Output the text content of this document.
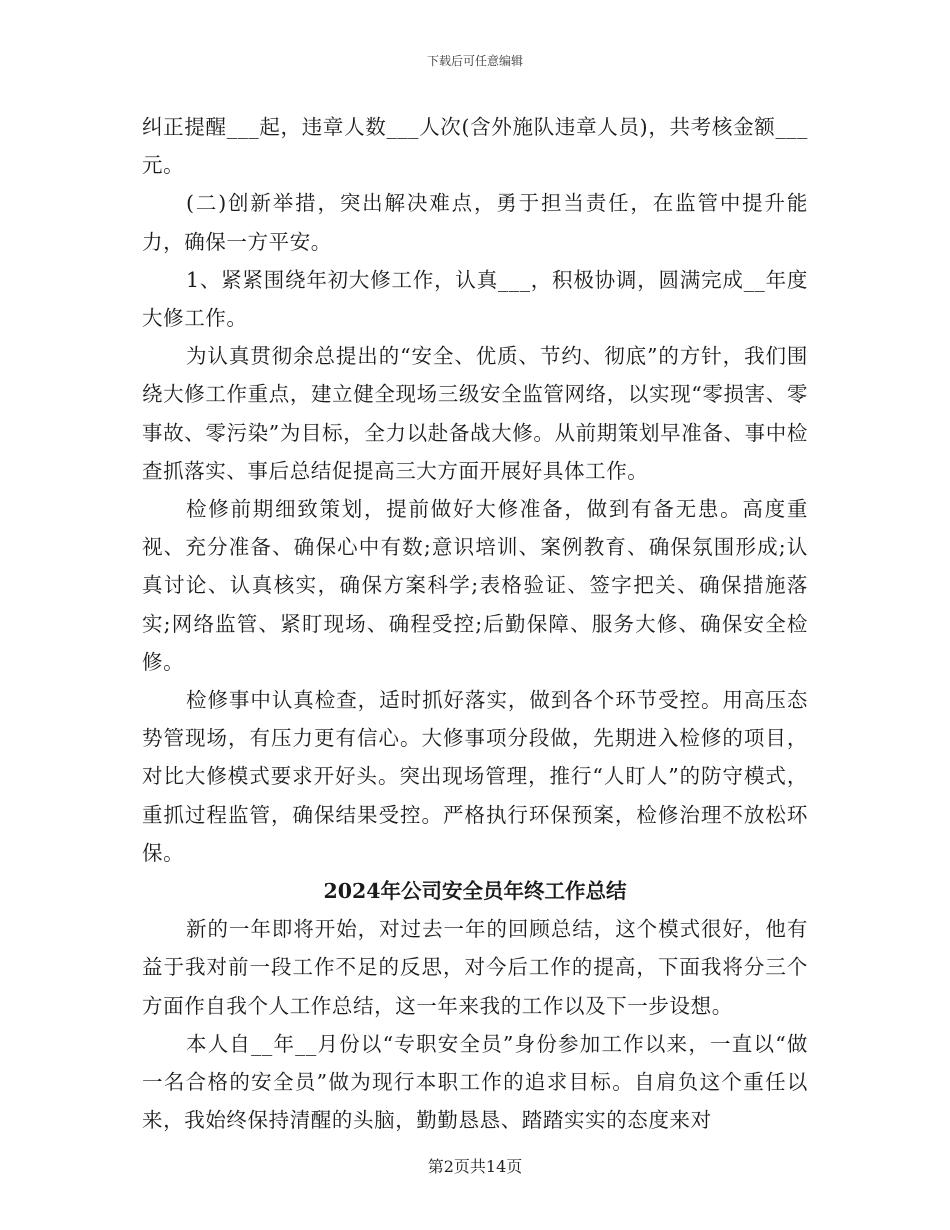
下载后可任意编辑

纠正提醒___起，违章人数___人次(含外施队违章人员)，共考核金额___元。

(二)创新举措，突出解决难点，勇于担当责任，在监管中提升能力，确保一方平安。

1、紧紧围绕年初大修工作，认真___，积极协调，圆满完成__年度大修工作。

为认真贯彻余总提出的“安全、优质、节约、彻底”的方针，我们围绕大修工作重点，建立健全现场三级安全监管网络，以实现“零损害、零事故、零污染”为目标，全力以赴备战大修。从前期策划早准备、事中检查抓落实、事后总结促提高三大方面开展好具体工作。

检修前期细致策划，提前做好大修准备，做到有备无患。高度重视、充分准备、确保心中有数;意识培训、案例教育、确保氛围形成;认真讨论、认真核实，确保方案科学;表格验证、签字把关、确保措施落实;网络监管、紧盯现场、确程受控;后勤保障、服务大修、确保安全检修。

检修事中认真检查，适时抓好落实，做到各个环节受控。用高压态势管现场，有压力更有信心。大修事项分段做，先期进入检修的项目，对比大修模式要求开好头。突出现场管理，推行“人盯人”的防守模式，重抓过程监管，确保结果受控。严格执行环保预案，检修治理不放松环保。

2024年公司安全员年终工作总结

新的一年即将开始，对过去一年的回顾总结，这个模式很好，他有益于我对前一段工作不足的反思，对今后工作的提高，下面我将分三个方面作自我个人工作总结，这一年来我的工作以及下一步设想。

本人自__年__月份以“专职安全员”身份参加工作以来，一直以“做一名合格的安全员”做为现行本职工作的追求目标。自肩负这个重任以来，我始终保持清醒的头脑，勤勤恳恳、踏踏实实的态度来对

第2页共14页
